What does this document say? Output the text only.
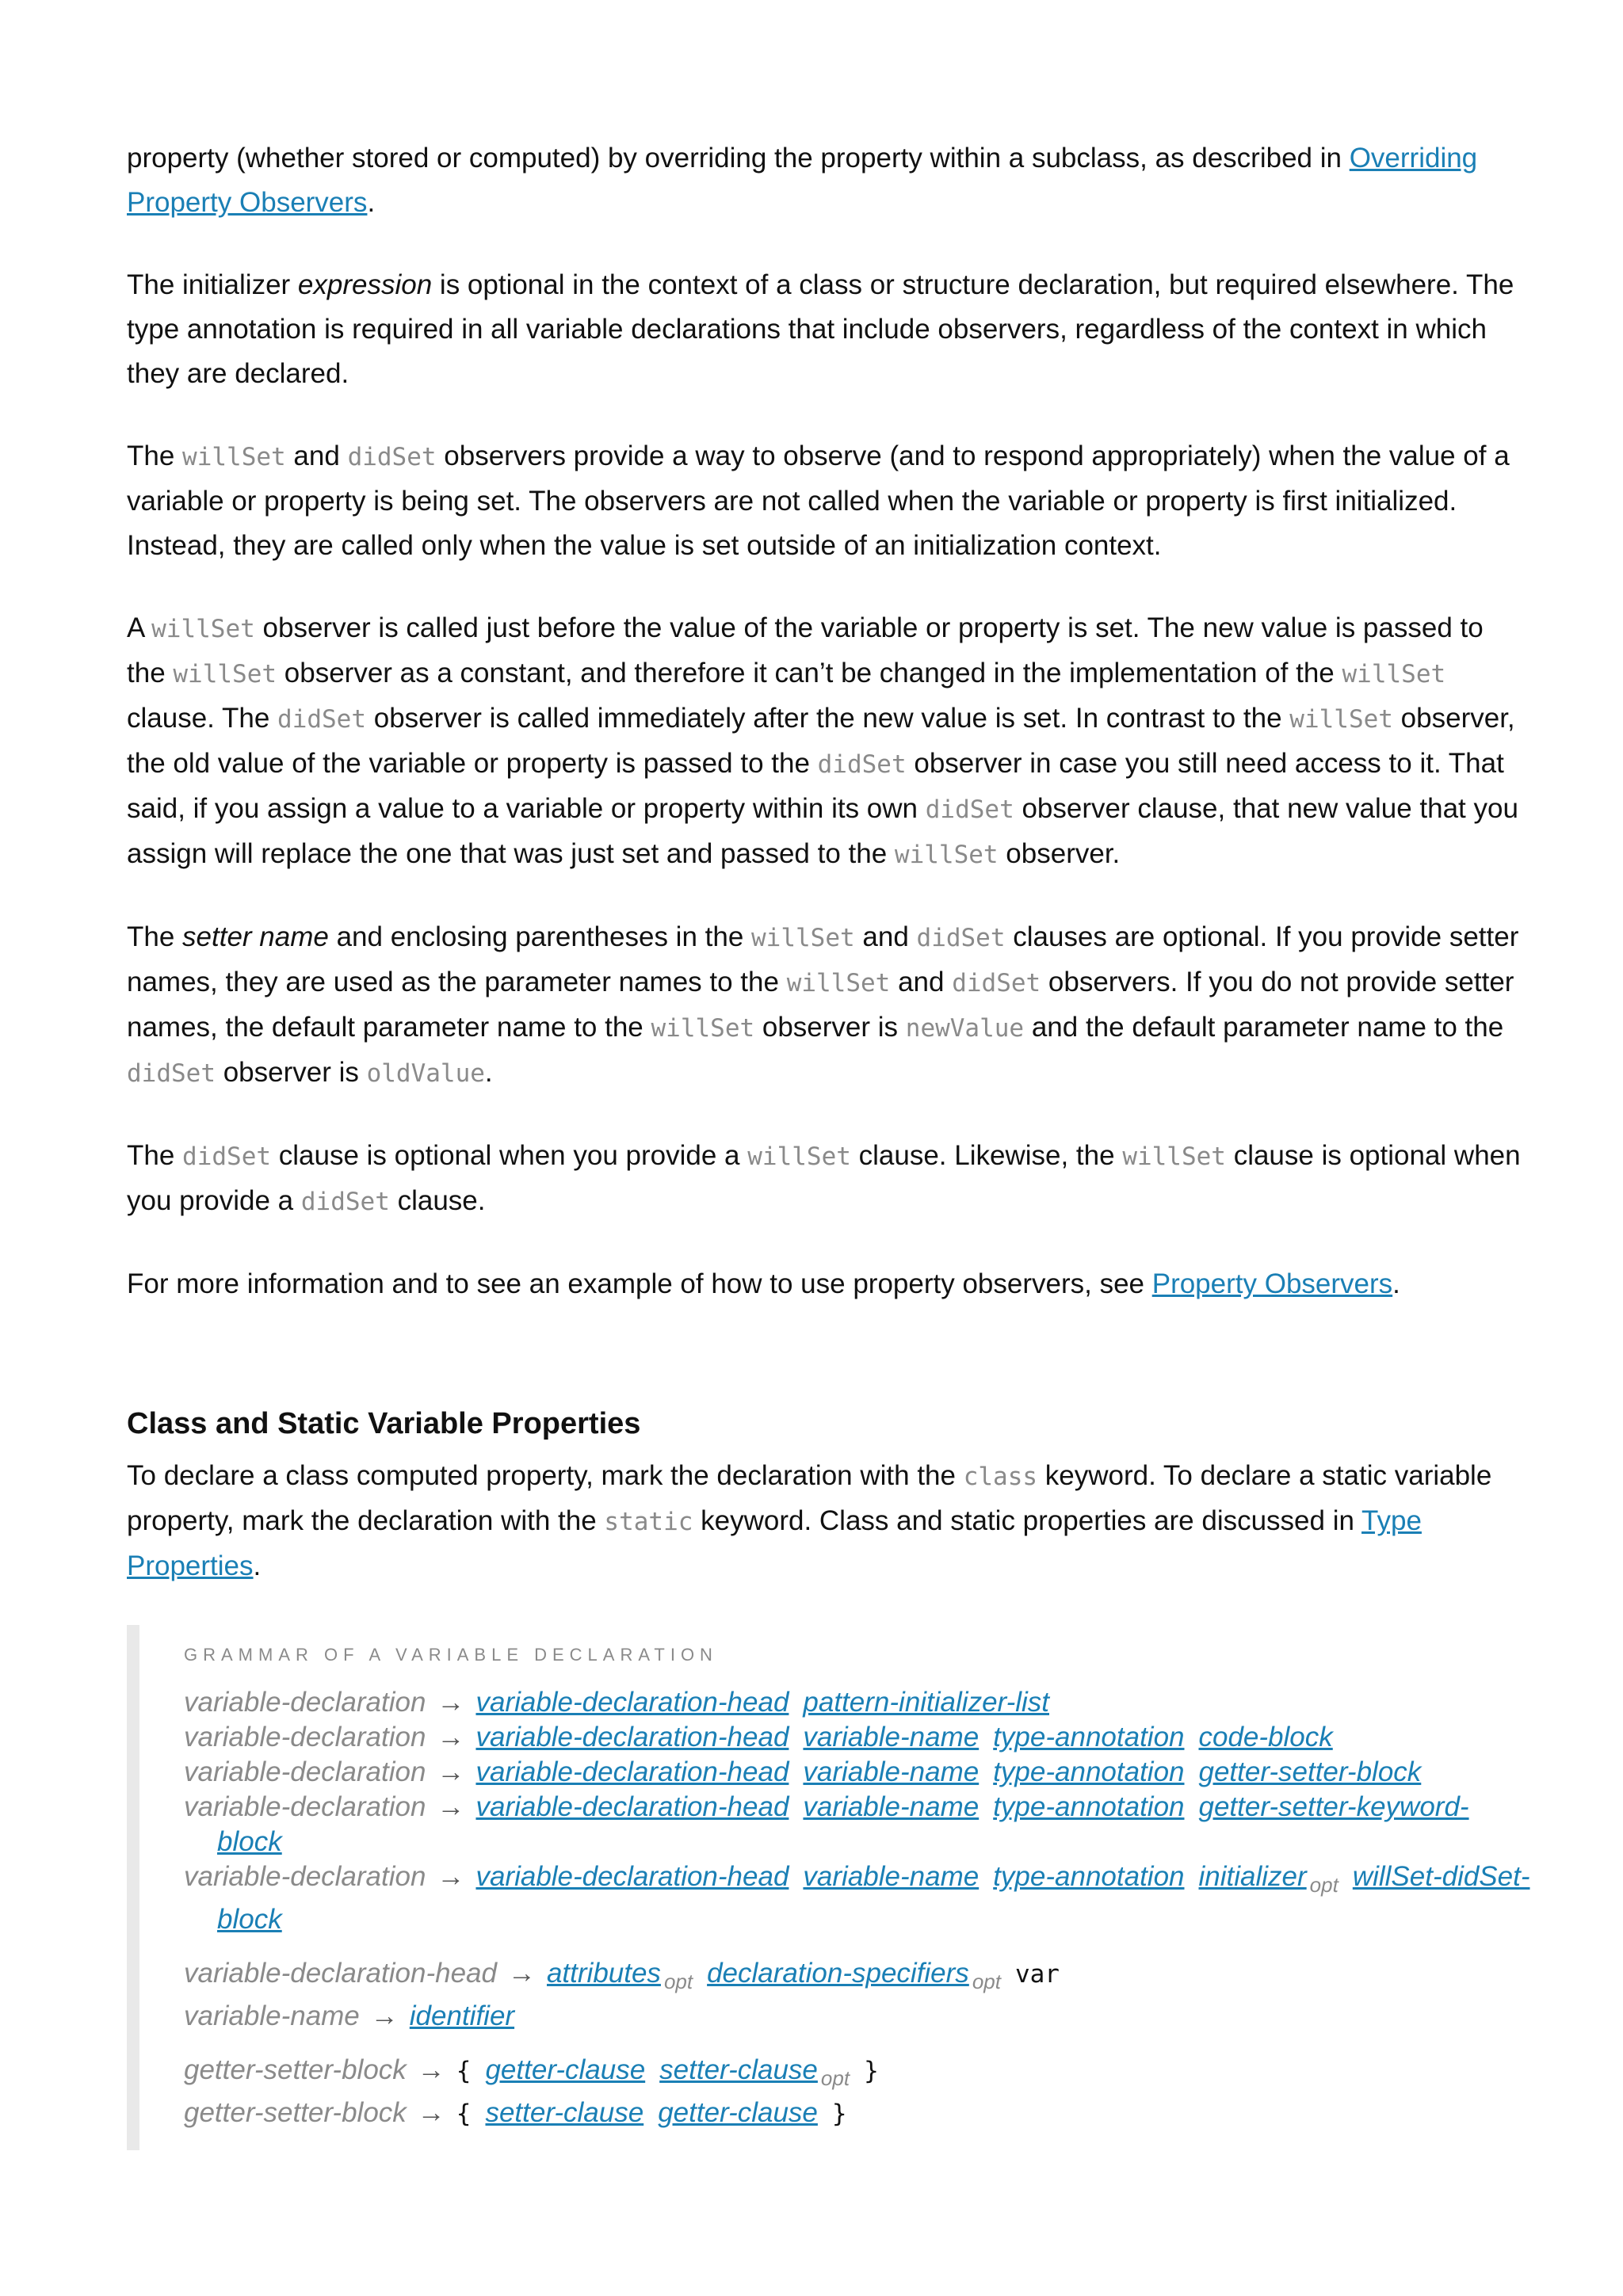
property (whether stored or computed) by overriding the property within a subclass, as described in Overriding Property Observers.

The initializer expression is optional in the context of a class or structure declaration, but required elsewhere. The type annotation is required in all variable declarations that include observers, regardless of the context in which they are declared.

The willSet and didSet observers provide a way to observe (and to respond appropriately) when the value of a variable or property is being set. The observers are not called when the variable or property is first initialized. Instead, they are called only when the value is set outside of an initialization context.

A willSet observer is called just before the value of the variable or property is set. The new value is passed to the willSet observer as a constant, and therefore it can’t be changed in the implementation of the willSet clause. The didSet observer is called immediately after the new value is set. In contrast to the willSet observer, the old value of the variable or property is passed to the didSet observer in case you still need access to it. That said, if you assign a value to a variable or property within its own didSet observer clause, that new value that you assign will replace the one that was just set and passed to the willSet observer.

The setter name and enclosing parentheses in the willSet and didSet clauses are optional. If you provide setter names, they are used as the parameter names to the willSet and didSet observers. If you do not provide setter names, the default parameter name to the willSet observer is newValue and the default parameter name to the didSet observer is oldValue.

The didSet clause is optional when you provide a willSet clause. Likewise, the willSet clause is optional when you provide a didSet clause.

For more information and to see an example of how to use property observers, see Property Observers.

Class and Static Variable Properties

To declare a class computed property, mark the declaration with the class keyword. To declare a static variable property, mark the declaration with the static keyword. Class and static properties are discussed in Type Properties.

GRAMMAR OF A VARIABLE DECLARATION
variable-declaration → variable-declaration-head pattern-initializer-list
variable-declaration → variable-declaration-head variable-name type-annotation code-block
variable-declaration → variable-declaration-head variable-name type-annotation getter-setter-block
variable-declaration → variable-declaration-head variable-name type-annotation getter-setter-keyword-block
variable-declaration → variable-declaration-head variable-name type-annotation initializer $_{opt}$ willSet-didSet-block
variable-declaration-head → attributes $_{opt}$ declaration-specifiers $_{opt}$ var
variable-name → identifier
getter-setter-block → { getter-clause setter-clause $_{opt}$ }
getter-setter-block → { setter-clause getter-clause }
